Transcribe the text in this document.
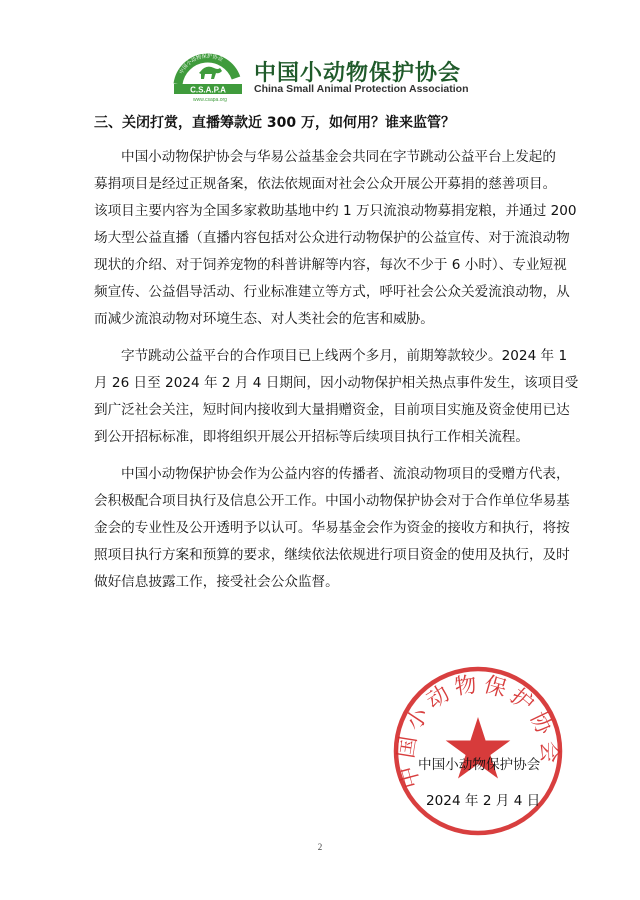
中国小动物保护协会
C.S.A.P.A
www.csapa.org
中国小动物保护协会
China Small Animal Protection Association
三、关闭打赏，直播筹款近 300 万，如何用？谁来监管？
中国小动物保护协会与华易公益基金会共同在字节跳动公益平台上发起的
募捐项目是经过正规备案，依法依规面对社会公众开展公开募捐的慈善项目。
该项目主要内容为全国多家救助基地中约 1 万只流浪动物募捐宠粮，并通过 200
场大型公益直播（直播内容包括对公众进行动物保护的公益宣传、对于流浪动物
现状的介绍、对于饲养宠物的科普讲解等内容，每次不少于 6 小时）、专业短视
频宣传、公益倡导活动、行业标准建立等方式，呼吁社会公众关爱流浪动物，从
而减少流浪动物对环境生态、对人类社会的危害和威胁。
字节跳动公益平台的合作项目已上线两个多月，前期筹款较少。2024 年 1
月 26 日至 2024 年 2 月 4 日期间，因小动物保护相关热点事件发生，该项目受
到广泛社会关注，短时间内接收到大量捐赠资金，目前项目实施及资金使用已达
到公开招标标准，即将组织开展公开招标等后续项目执行工作相关流程。
中国小动物保护协会作为公益内容的传播者、流浪动物项目的受赠方代表，
会积极配合项目执行及信息公开工作。中国小动物保护协会对于合作单位华易基
金会的专业性及公开透明予以认可。华易基金会作为资金的接收方和执行，将按
照项目执行方案和预算的要求，继续依法依规进行项目资金的使用及执行，及时
做好信息披露工作，接受社会公众监督。
中国小动物保护协会
中国小动物保护协会
2024 年 2 月 4 日
2
